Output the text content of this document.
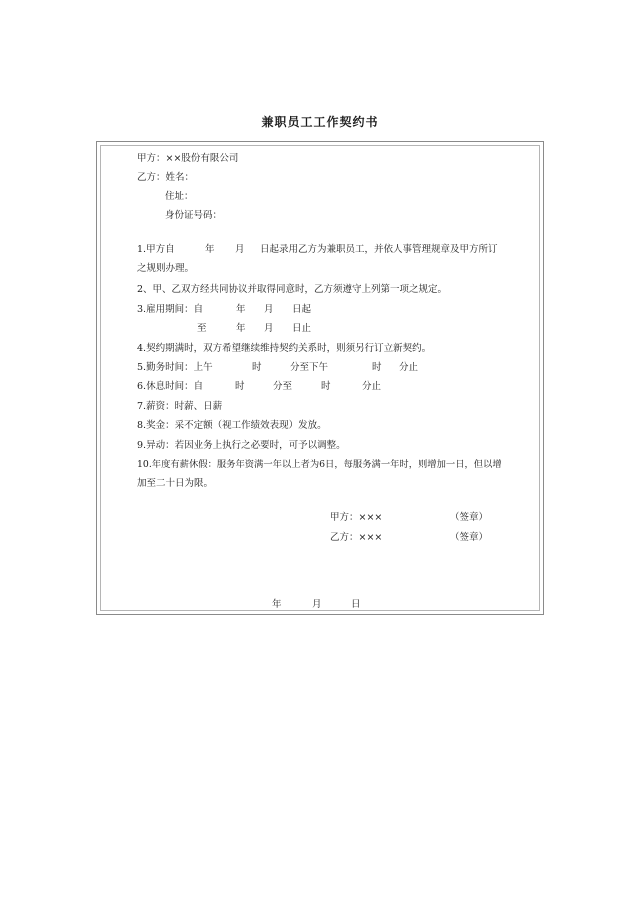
兼职员工工作契约书
甲方：××股份有限公司
乙方：姓名：
住址：
身份证号码：
1.甲方自	年 月 日起录用乙方为兼职员工，并依人事管理规章及甲方所订
之规则办理。
2、甲、乙双方经共同协议并取得同意时，乙方须遵守上列第一项之规定。
3.雇用期间：自	年 月 日起
至	年 月 日止
4.契约期满时，双方希望继续维持契约关系时，则须另行订立新契约。
5.勤务时间：上午	时	分至下午	时 分止
6.休息时间：自	时	分至	时	分止
7.薪资：时薪、日薪
8.奖金：采不定额（视工作绩效表现）发放。
9.异动：若因业务上执行之必要时，可予以调整。
10.年度有薪休假：服务年资满一年以上者为6日，每服务满一年时，则增加一日，但以增
加至二十日为限。
甲方：×××	（签章）
乙方：×××	（签章）
年	月	日
